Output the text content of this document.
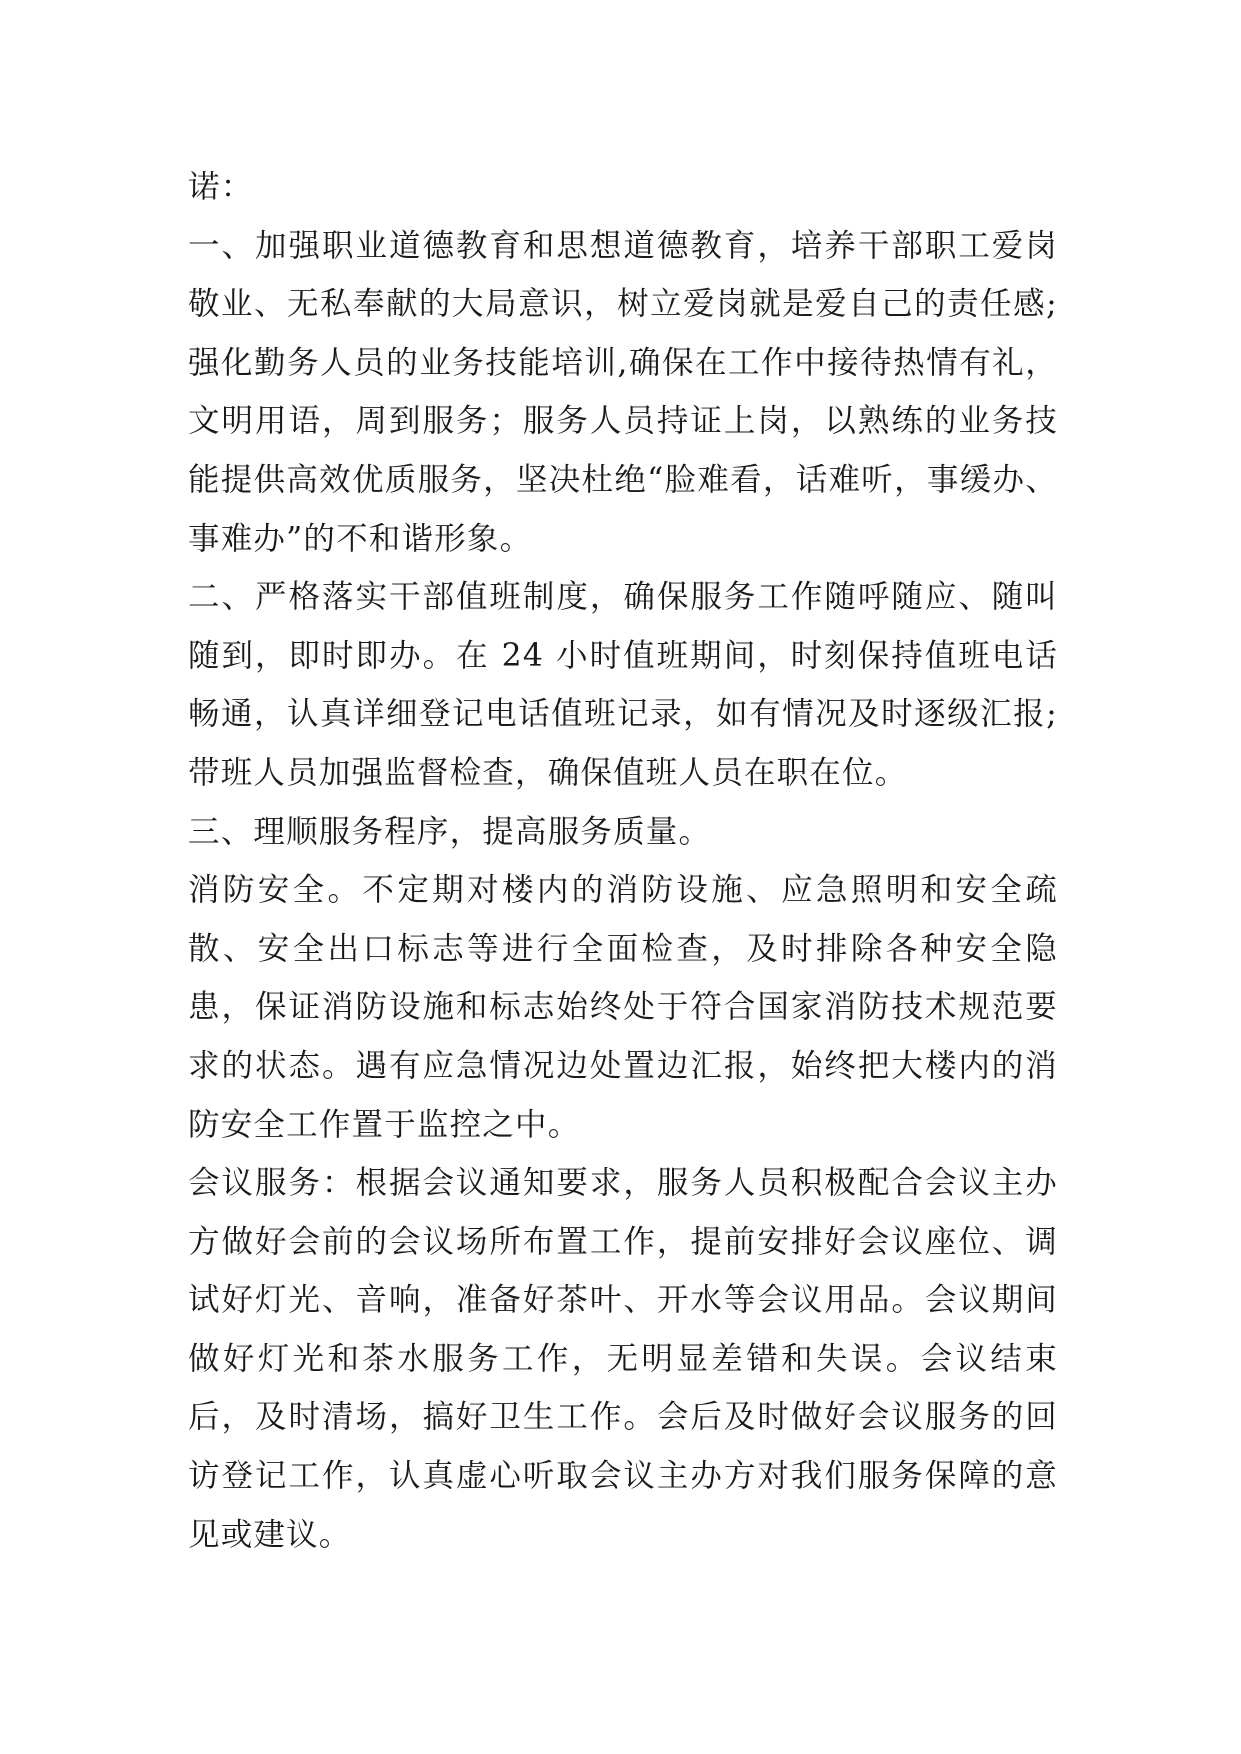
诺：

一、加强职业道德教育和思想道德教育，培养干部职工爱岗敬业、无私奉献的大局意识，树立爱岗就是爱自己的责任感;强化勤务人员的业务技能培训,确保在工作中接待热情有礼，文明用语，周到服务；服务人员持证上岗，以熟练的业务技能提供高效优质服务，坚决杜绝“脸难看，话难听，事缓办、事难办”的不和谐形象。

二、严格落实干部值班制度，确保服务工作随呼随应、随叫随到，即时即办。在 24 小时值班期间，时刻保持值班电话畅通，认真详细登记电话值班记录，如有情况及时逐级汇报;带班人员加强监督检查，确保值班人员在职在位。

三、理顺服务程序，提高服务质量。

消防安全。不定期对楼内的消防设施、应急照明和安全疏散、安全出口标志等进行全面检查，及时排除各种安全隐患，保证消防设施和标志始终处于符合国家消防技术规范要求的状态。遇有应急情况边处置边汇报，始终把大楼内的消防安全工作置于监控之中。

会议服务：根据会议通知要求，服务人员积极配合会议主办方做好会前的会议场所布置工作，提前安排好会议座位、调试好灯光、音响，准备好茶叶、开水等会议用品。会议期间做好灯光和茶水服务工作，无明显差错和失误。会议结束后，及时清场，搞好卫生工作。会后及时做好会议服务的回访登记工作，认真虚心听取会议主办方对我们服务保障的意见或建议。
